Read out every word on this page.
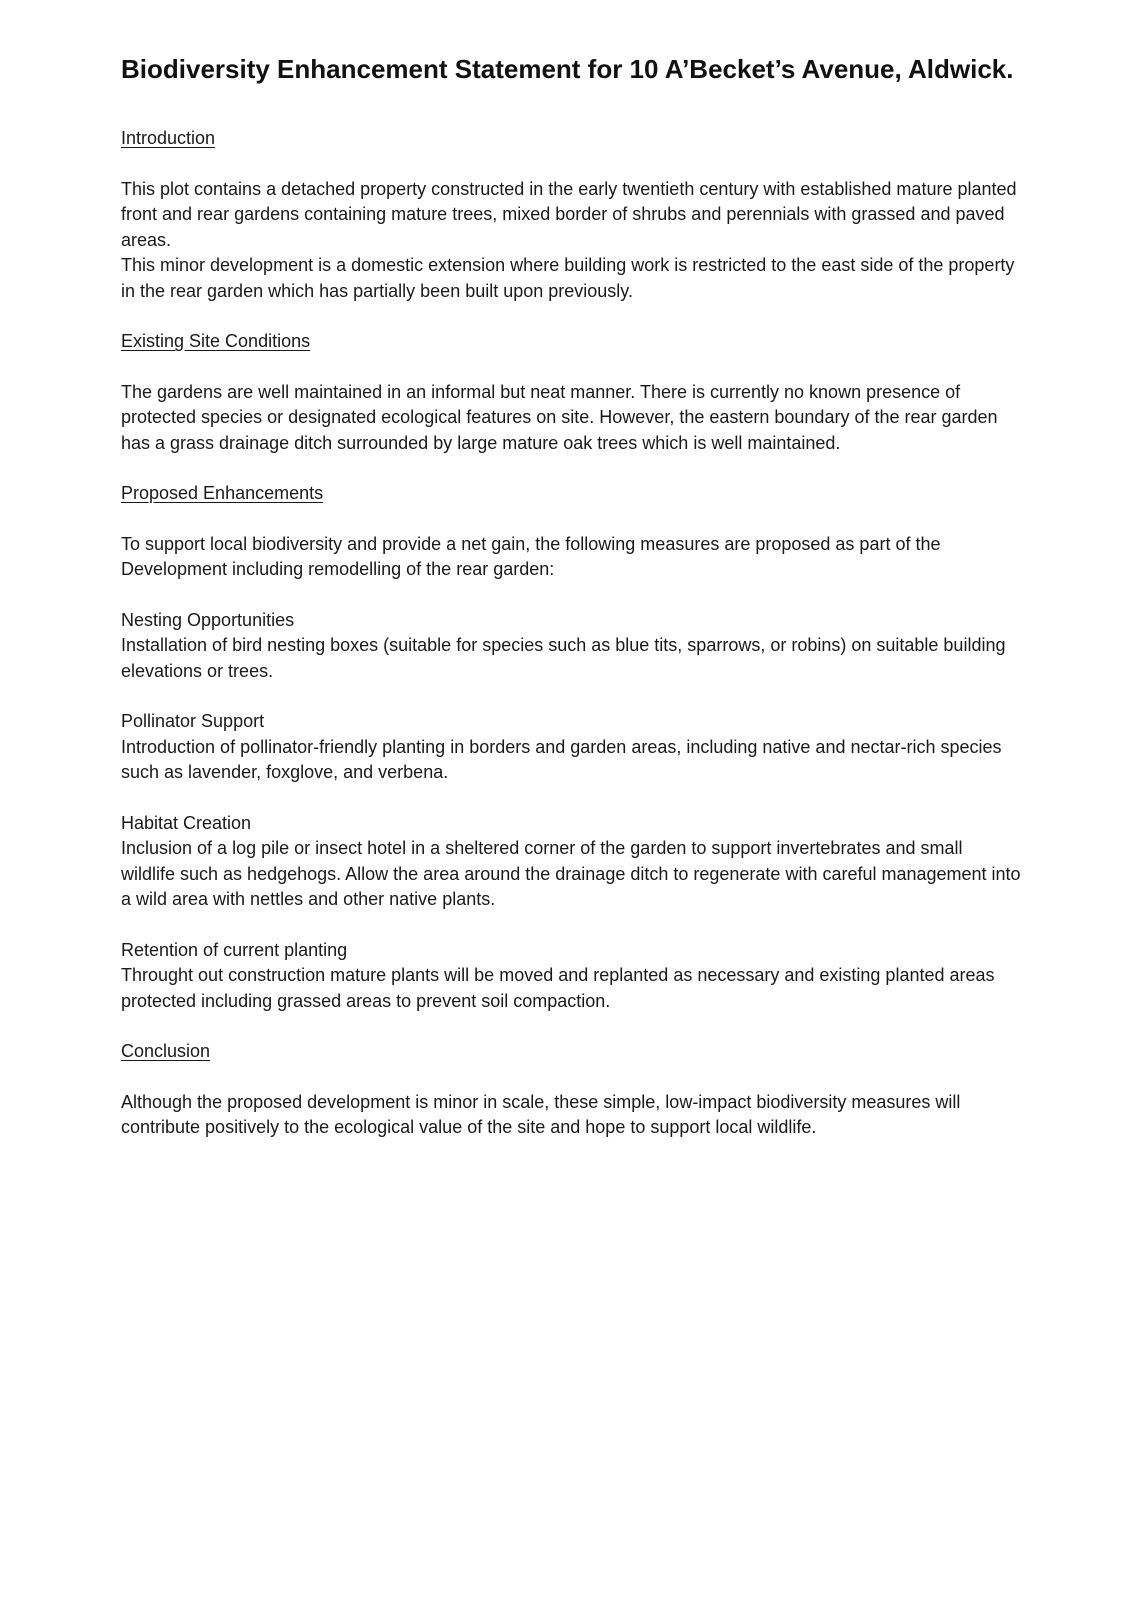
Biodiversity Enhancement Statement for 10 A’Becket’s Avenue, Aldwick.

Introduction

This plot contains a detached property constructed in the early twentieth century with established mature planted front and rear gardens containing mature trees, mixed border of shrubs and perennials with grassed and paved areas.

This minor development is a domestic extension where building work is restricted to the east side of the property in the rear garden which has partially been built upon previously.

Existing Site Conditions

The gardens are well maintained in an informal but neat manner. There is currently no known presence of protected species or designated ecological features on site. However, the eastern boundary of the rear garden has a grass drainage ditch surrounded by large mature oak trees which is well maintained.

Proposed Enhancements

To support local biodiversity and provide a net gain, the following measures are proposed as part of the Development including remodelling of the rear garden:

Nesting Opportunities

Installation of bird nesting boxes (suitable for species such as blue tits, sparrows, or robins) on suitable building elevations or trees.

Pollinator Support

Introduction of pollinator-friendly planting in borders and garden areas, including native and nectar-rich species such as lavender, foxglove, and verbena.

Habitat Creation

Inclusion of a log pile or insect hotel in a sheltered corner of the garden to support invertebrates and small wildlife such as hedgehogs. Allow the area around the drainage ditch to regenerate with careful management into a wild area with nettles and other native plants.

Retention of current planting

Throught out construction mature plants will be moved and replanted as necessary and existing planted areas protected including grassed areas to prevent soil compaction.

Conclusion

Although the proposed development is minor in scale, these simple, low-impact biodiversity measures will contribute positively to the ecological value of the site and hope to support local wildlife.
